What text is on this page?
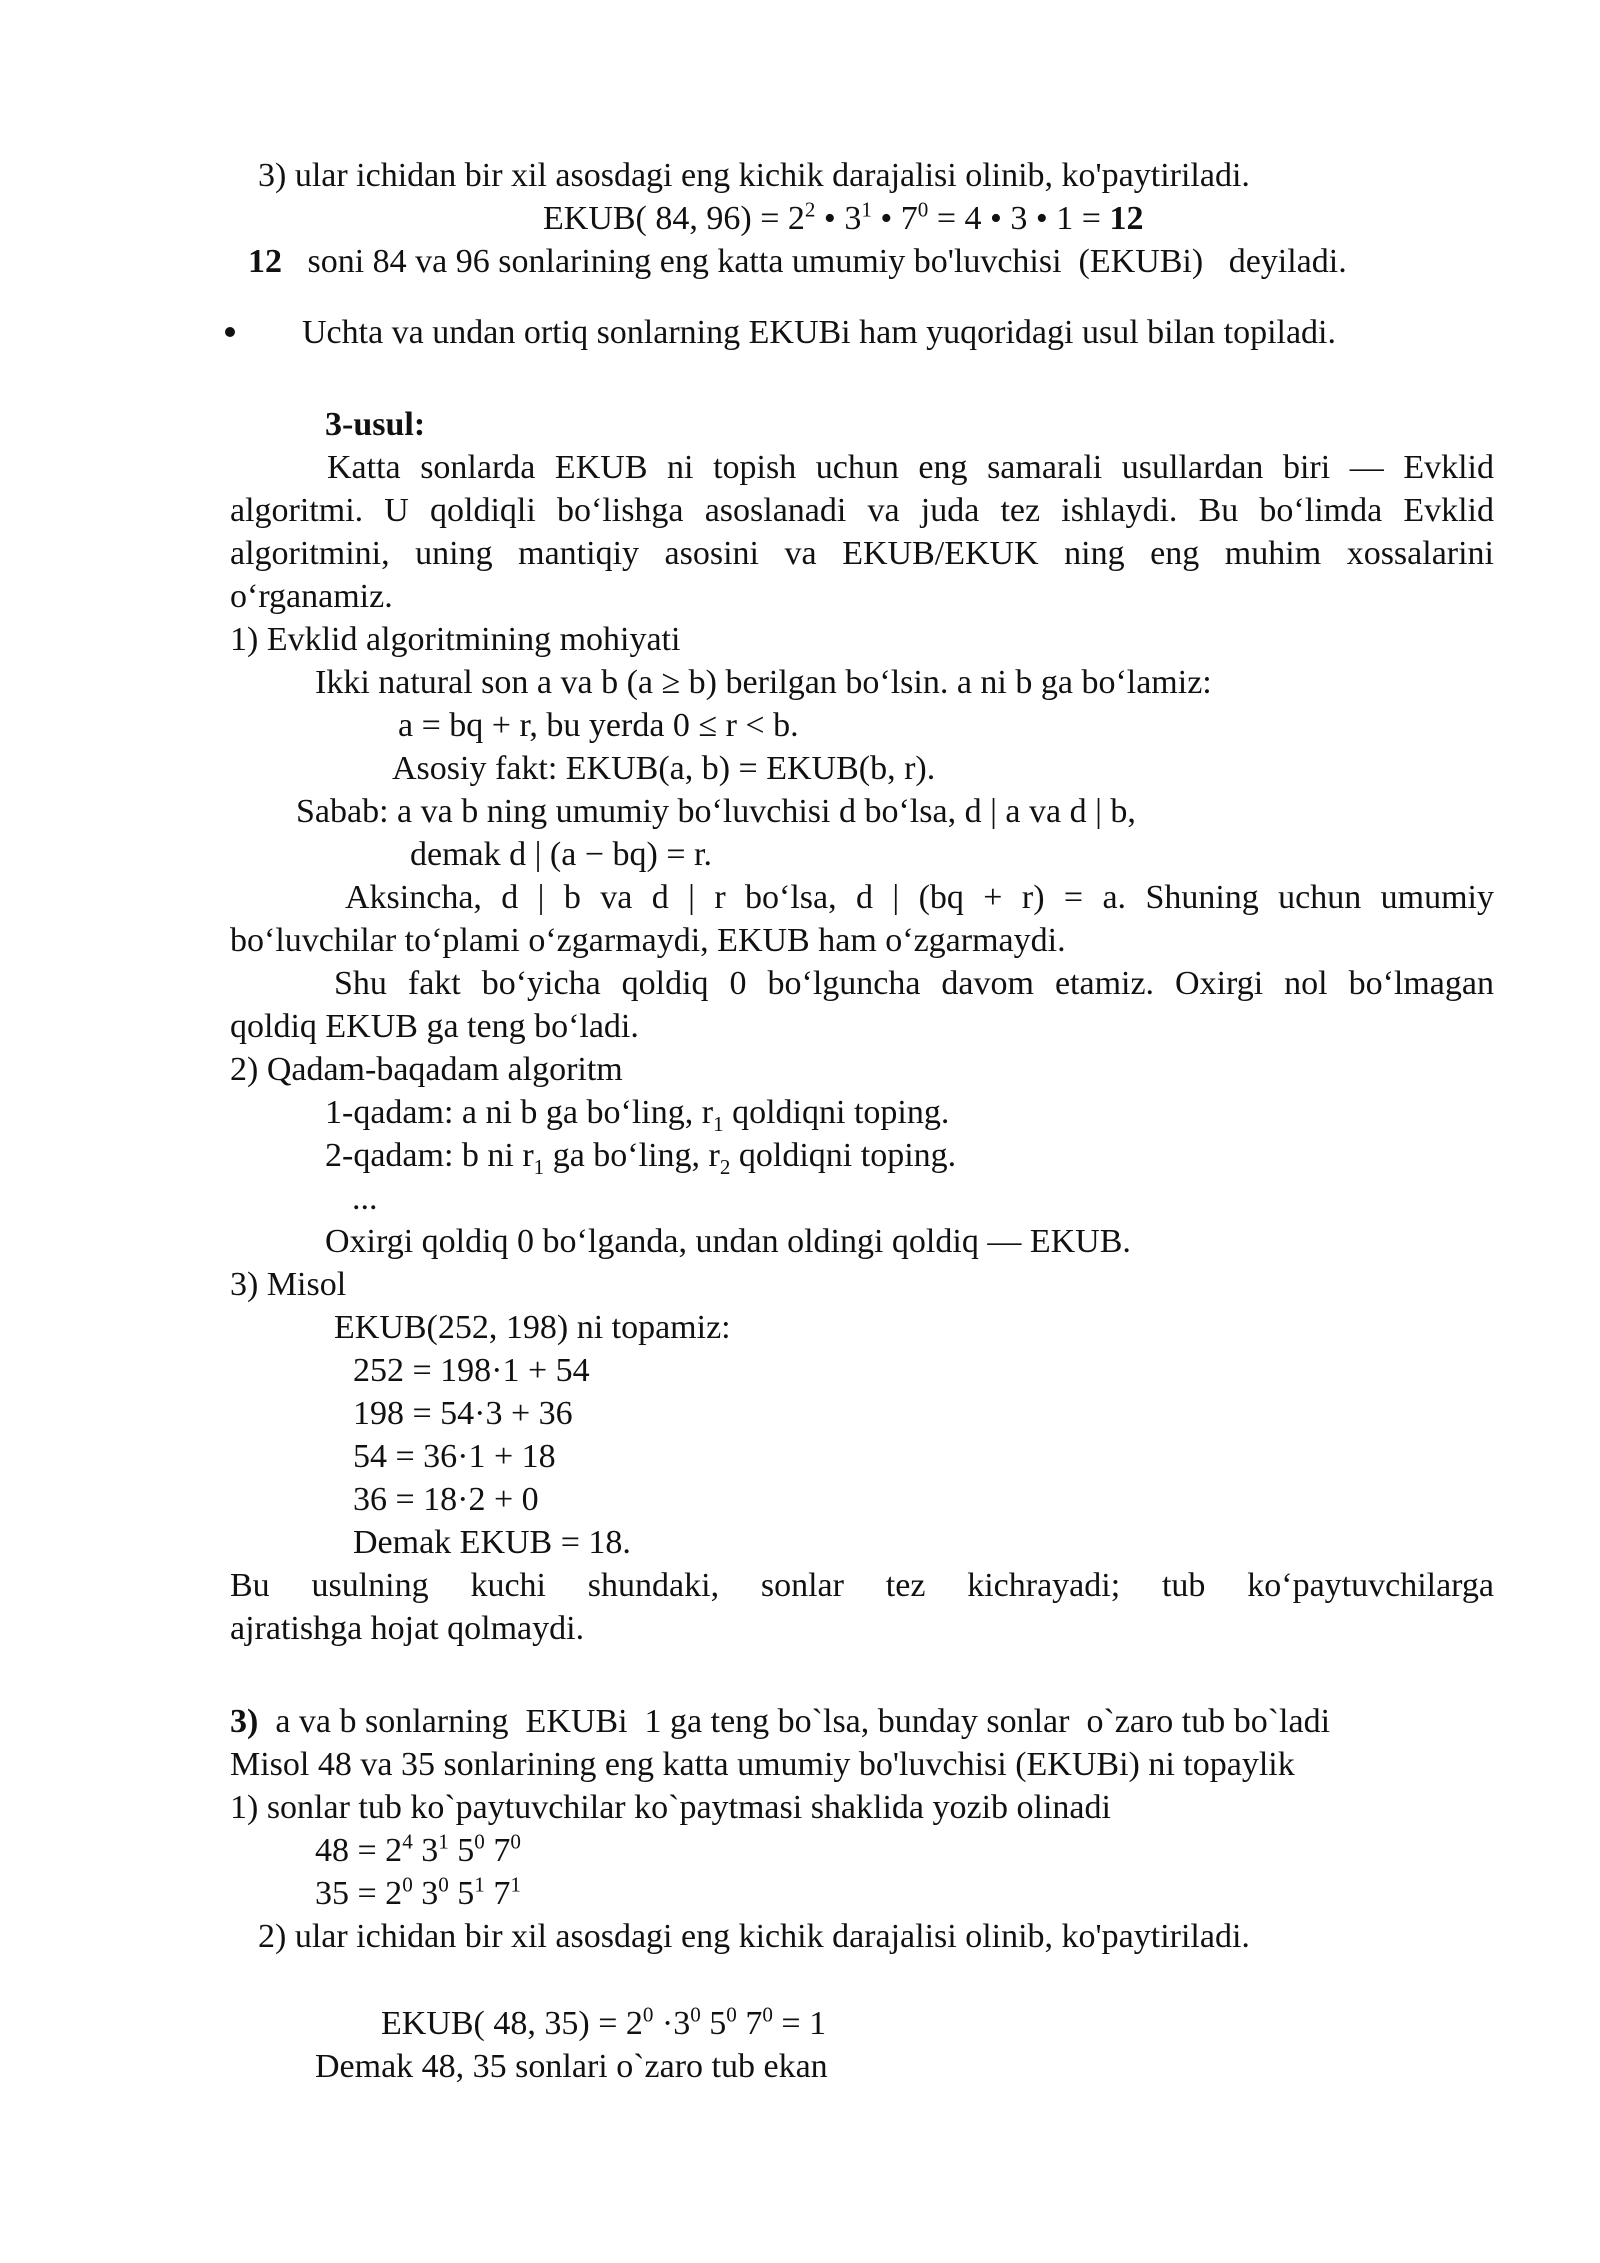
3) ular ichidan bir xil asosdagi eng kichik darajalisi olinib, ko'paytiriladi.
EKUB( 84, $96) = 2^2$ • $3^1$ • $7^0 = 4$ • 3 • 1 = 12
12   soni 84 va 96 sonlarining eng katta umumiy bo'luvchisi  (EKUBi)   deyiladi.
Uchta va undan ortiq sonlarning EKUBi ham yuqoridagi usul bilan topiladi.
3-usul:
Katta sonlarda EKUB ni topish uchun eng samarali usullardan biri — Evklid
algoritmi. U qoldiqli bo‘lishga asoslanadi va juda tez ishlaydi. Bu bo‘limda Evklid
algoritmini, uning mantiqiy asosini va EKUB/EKUK ning eng muhim xossalarini
o‘rganamiz.
1) Evklid algoritmining mohiyati
Ikki natural son a va b (a ≥ b) berilgan bo‘lsin. a ni b ga bo‘lamiz:
a = bq + r, bu yerda 0 ≤ r < b.
Asosiy fakt: EKUB(a, b) = EKUB(b, r).
Sabab: a va b ning umumiy bo‘luvchisi d bo‘lsa, d | a va d | b,
demak d | (a − bq) = r.
Aksincha, d | b va d | r bo‘lsa, d | (bq + r) = a. Shuning uchun umumiy
bo‘luvchilar to‘plami o‘zgarmaydi, EKUB ham o‘zgarmaydi.
Shu fakt bo‘yicha qoldiq 0 bo‘lguncha davom etamiz. Oxirgi nol bo‘lmagan
qoldiq EKUB ga teng bo‘ladi.
2) Qadam-baqadam algoritm
1-qadam: a ni b ga bo‘ling, $r_1$ qoldiqni toping.
2-qadam: b ni $r_1$ ga bo‘ling, $r_2$ qoldiqni toping.
...
Oxirgi qoldiq 0 bo‘lganda, undan oldingi qoldiq — EKUB.
3) Misol
EKUB(252, 198) ni topamiz:
252 = 198·1 + 54
198 = 54·3 + 36
54 = 36·1 + 18
36 = 18·2 + 0
Demak EKUB = 18.
Bu usulning kuchi shundaki, sonlar tez kichrayadi; tub ko‘paytuvchilarga
ajratishga hojat qolmaydi.
3)  a va b sonlarning  EKUBi  1 ga teng bo`lsa, bunday sonlar  o`zaro tub bo`ladi
Misol 48 va 35 sonlarining eng katta umumiy bo'luvchisi (EKUBi) ni topaylik
1) sonlar tub ko`paytuvchilar ko`paytmasi shaklida yozib olinadi
$48 = 2^4$ $3^1$ $5^0$ $7^0$
$35 = 2^0$ $3^0$ $5^1$ $7^1$
2) ular ichidan bir xil asosdagi eng kichik darajalisi olinib, ko'paytiriladi.
EKUB( 48, $35) = 2^0 \cdot 3^0$ $5^0$ $7^0 = 1$
Demak 48, 35 sonlari o`zaro tub ekan
